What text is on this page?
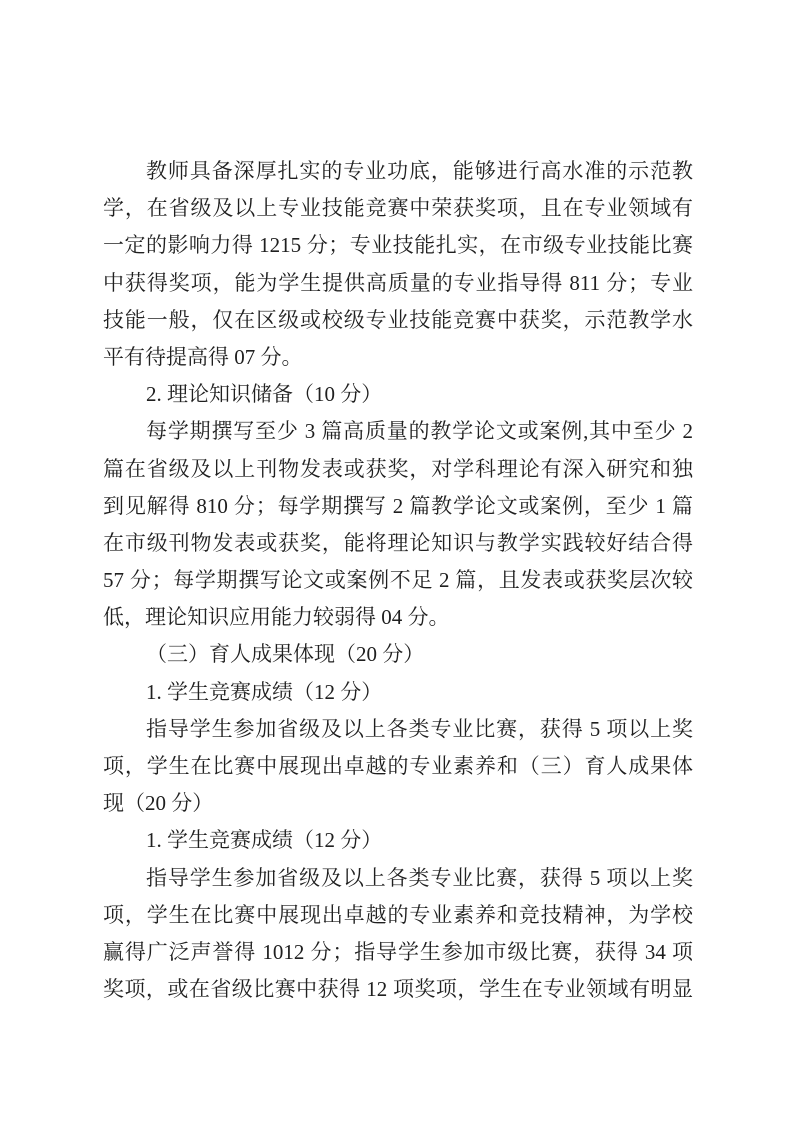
教师具备深厚扎实的专业功底，能够进行高水准的示范教
学，在省级及以上专业技能竞赛中荣获奖项，且在专业领域有
一定的影响力得 1215 分；专业技能扎实，在市级专业技能比赛
中获得奖项，能为学生提供高质量的专业指导得 811 分；专业
技能一般，仅在区级或校级专业技能竞赛中获奖，示范教学水
平有待提高得 07 分。
2. 理论知识储备（10 分）
每学期撰写至少 3 篇高质量的教学论文或案例,其中至少 2
篇在省级及以上刊物发表或获奖，对学科理论有深入研究和独
到见解得 810 分；每学期撰写 2 篇教学论文或案例，至少 1 篇
在市级刊物发表或获奖，能将理论知识与教学实践较好结合得
57 分；每学期撰写论文或案例不足 2 篇，且发表或获奖层次较
低，理论知识应用能力较弱得 04 分。
（三）育人成果体现（20 分）
1. 学生竞赛成绩（12 分）
指导学生参加省级及以上各类专业比赛，获得 5 项以上奖
项，学生在比赛中展现出卓越的专业素养和（三）育人成果体
现（20 分）
1. 学生竞赛成绩（12 分）
指导学生参加省级及以上各类专业比赛，获得 5 项以上奖
项，学生在比赛中展现出卓越的专业素养和竞技精神，为学校
赢得广泛声誉得 1012 分；指导学生参加市级比赛，获得 34 项
奖项，或在省级比赛中获得 12 项奖项，学生在专业领域有明显
